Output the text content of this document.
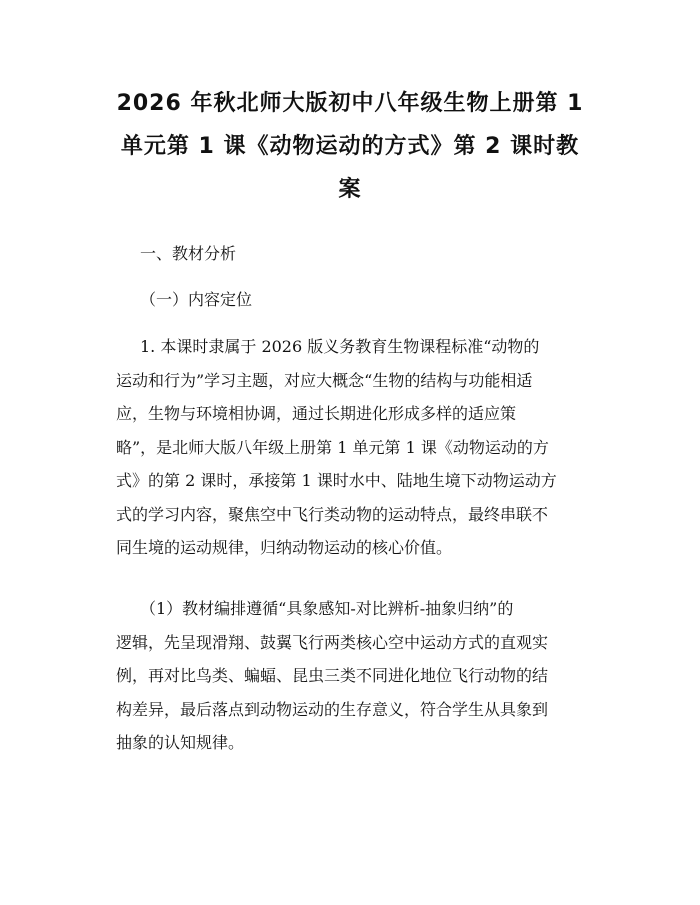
2026 年秋北师大版初中八年级生物上册第 1
单元第 1 课《动物运动的方式》第 2 课时教
案

一、教材分析

（一）内容定位

1. 本课时隶属于 2026 版义务教育生物课程标准“动物的
运动和行为”学习主题，对应大概念“生物的结构与功能相适
应，生物与环境相协调，通过长期进化形成多样的适应策
略”，是北师大版八年级上册第 1 单元第 1 课《动物运动的方
式》的第 2 课时，承接第 1 课时水中、陆地生境下动物运动方
式的学习内容，聚焦空中飞行类动物的运动特点，最终串联不
同生境的运动规律，归纳动物运动的核心价值。
（1）教材编排遵循“具象感知-对比辨析-抽象归纳”的
逻辑，先呈现滑翔、鼓翼飞行两类核心空中运动方式的直观实
例，再对比鸟类、蝙蝠、昆虫三类不同进化地位飞行动物的结
构差异，最后落点到动物运动的生存意义，符合学生从具象到
抽象的认知规律。
